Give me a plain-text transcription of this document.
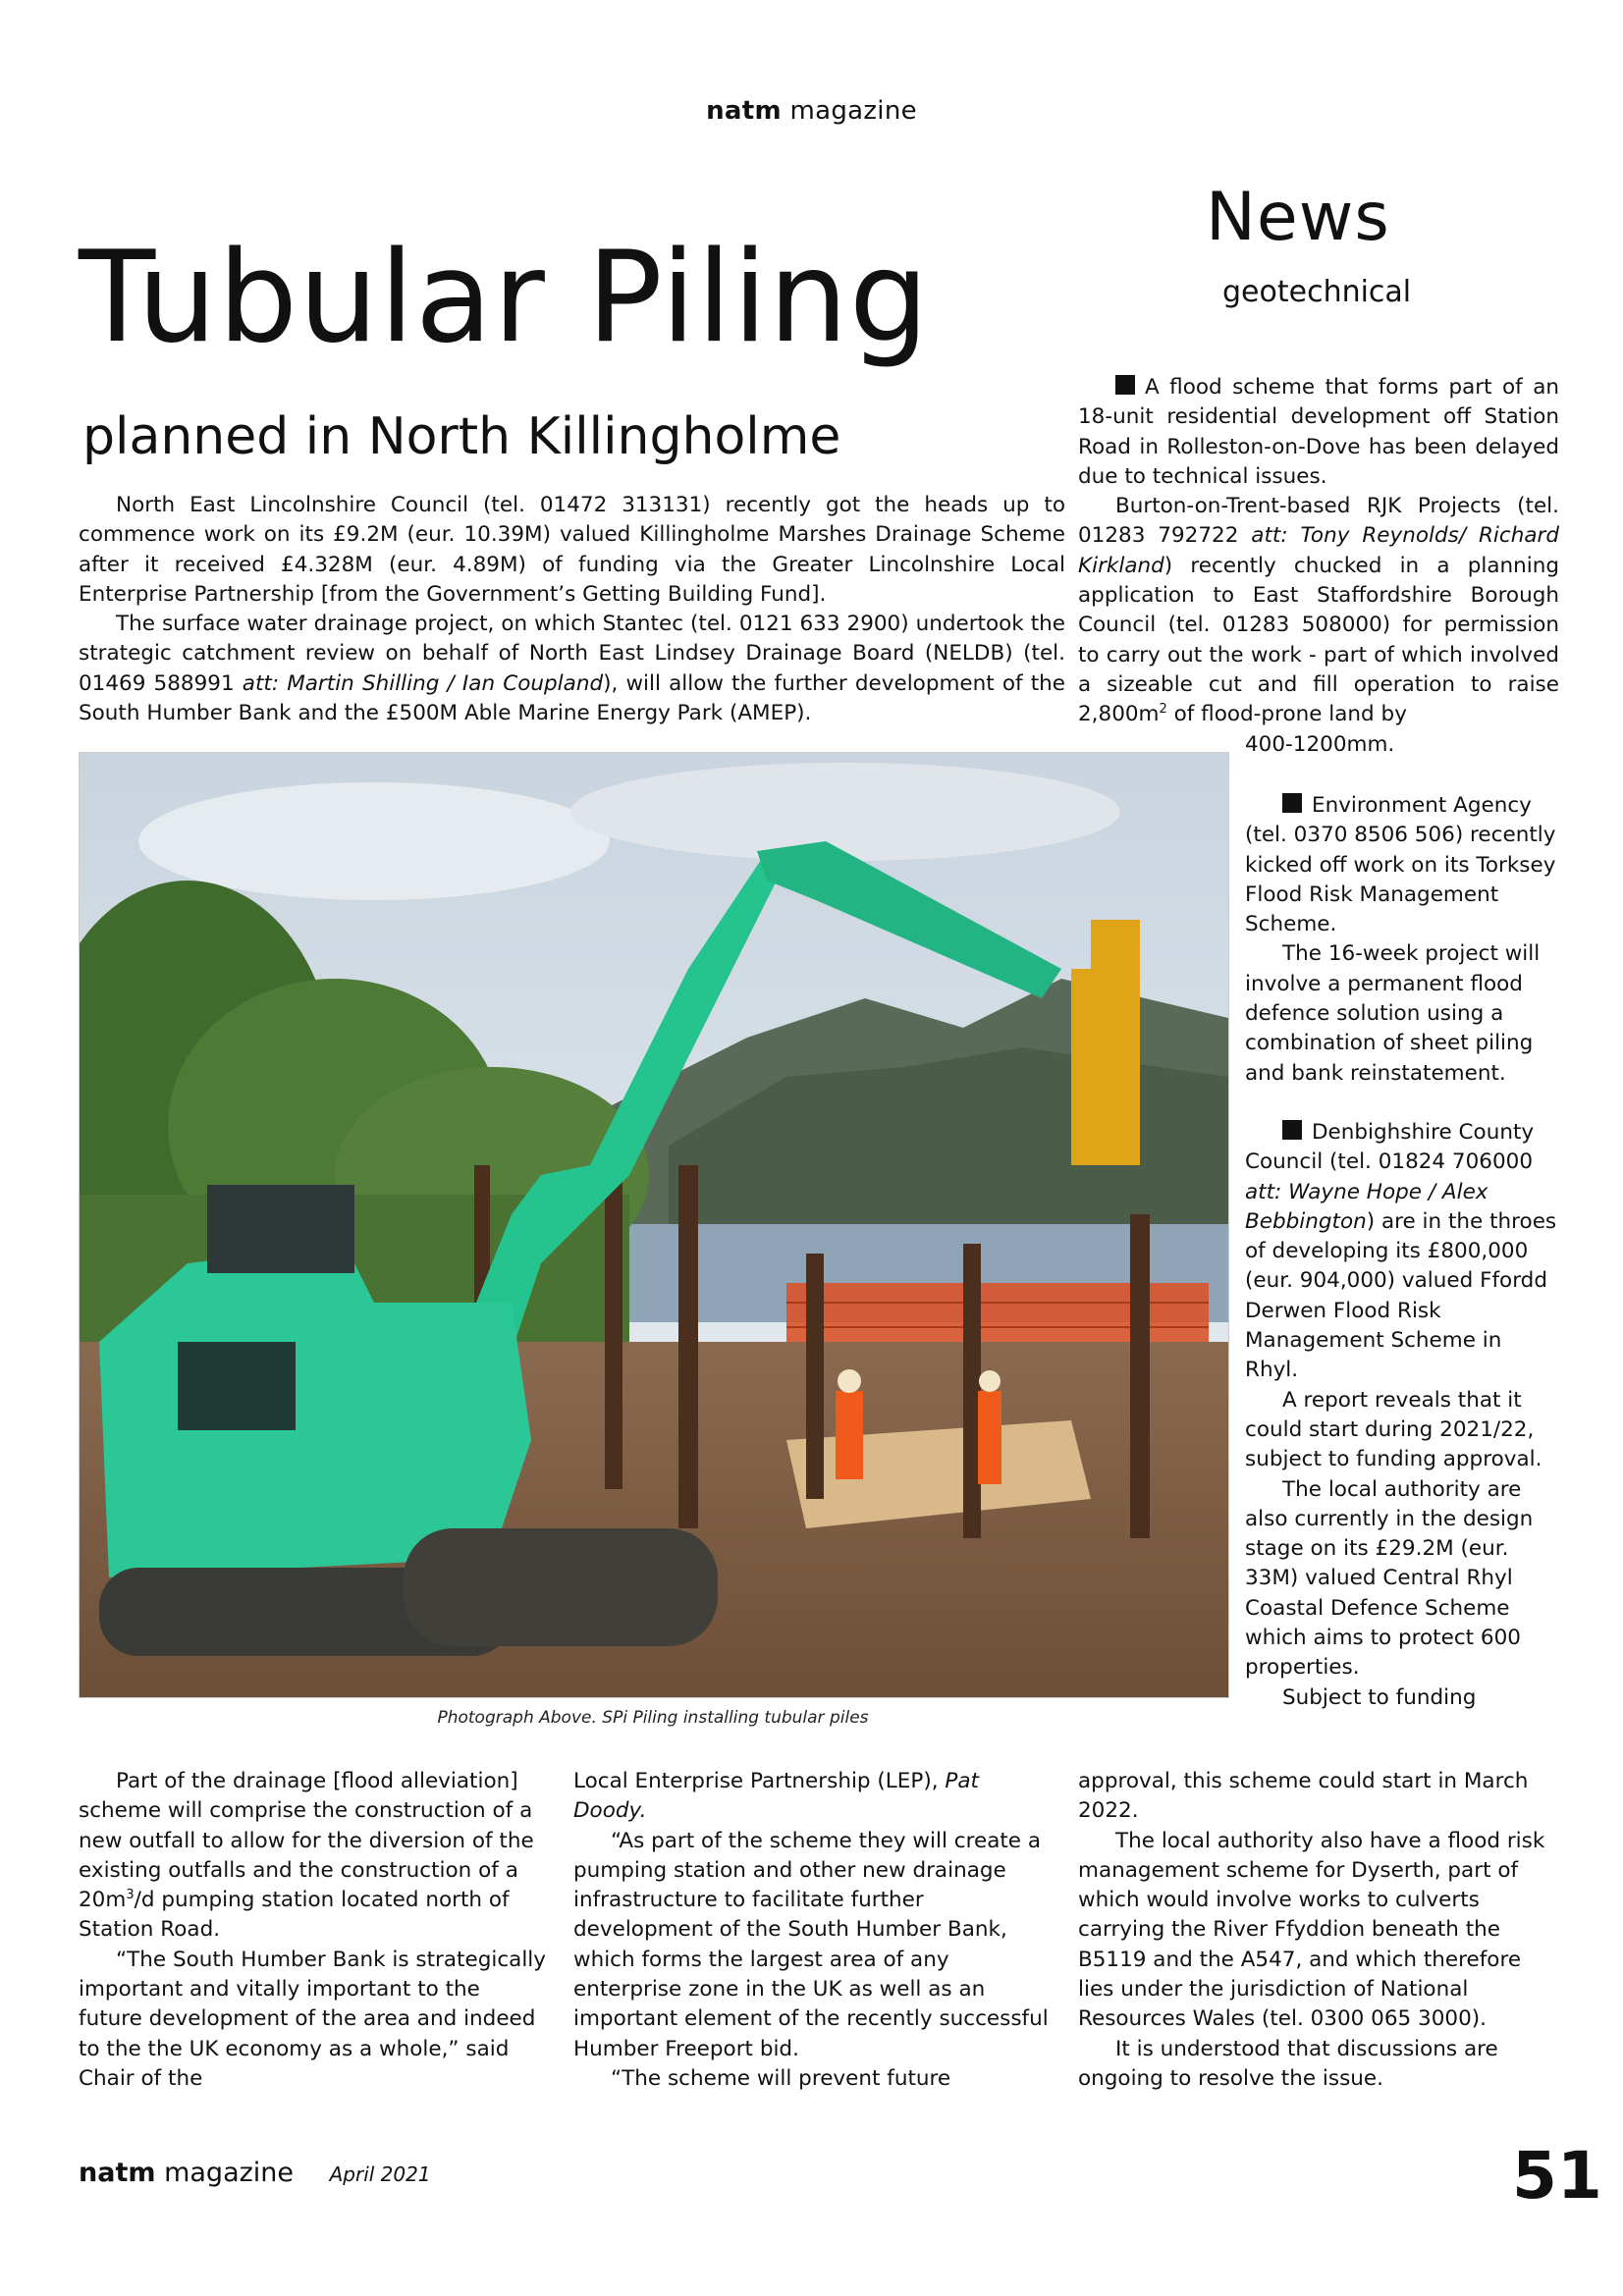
natm magazine
News
geotechnical
Tubular Piling
planned in North Killingholme

North East Lincolnshire Council (tel. 01472 313131) recently got the heads up to commence work on its £9.2M (eur. 10.39M) valued Killingholme Marshes Drainage Scheme after it received £4.328M (eur. 4.89M) of funding via the Greater Lincolnshire Local Enterprise Partnership [from the Government’s Getting Building Fund].

The surface water drainage project, on which Stantec (tel. 0121 633 2900) undertook the strategic catchment review on behalf of North East Lindsey Drainage Board (NELDB) (tel. 01469 588991 att: Martin Shilling / Ian Coupland), will allow the further development of the South Humber Bank and the £500M Able Marine Energy Park (AMEP).

Photograph Above. SPi Piling installing tubular piles

A flood scheme that forms part of an 18-unit residential development off Station Road in Rolleston-on-Dove has been delayed due to technical issues.

Burton-on-Trent-based RJK Projects (tel. 01283 792722 att: Tony Reynolds/ Richard Kirkland) recently chucked in a planning application to East Staffordshire Borough Council (tel. 01283 508000) for permission to carry out the work - part of which involved a sizeable cut and fill operation to raise $2,800m^2$ of flood-prone land by

400-1200mm.

Environment Agency (tel. 0370 8506 506) recently kicked off work on its Torksey Flood Risk Management Scheme.

The 16-week project will involve a permanent flood defence solution using a combination of sheet piling and bank reinstatement.

Denbighshire County Council (tel. 01824 706000 att: Wayne Hope / Alex Bebbington) are in the throes of developing its £800,000 (eur. 904,000) valued Ffordd Derwen Flood Risk Management Scheme in Rhyl.

A report reveals that it could start during 2021/22, subject to funding approval.

The local authority are also currently in the design stage on its £29.2M (eur. 33M) valued Central Rhyl Coastal Defence Scheme which aims to protect 600 properties.

Subject to funding

approval, this scheme could start in March 2022.

The local authority also have a flood risk management scheme for Dyserth, part of which would involve works to culverts carrying the River Ffyddion beneath the B5119 and the A547, and which therefore lies under the jurisdiction of National Resources Wales (tel. 0300 065 3000).

It is understood that discussions are ongoing to resolve the issue.

Part of the drainage [flood alleviation] scheme will comprise the construction of a new outfall to allow for the diversion of the existing outfalls and the construction of a $20m^3/d$ pumping station located north of Station Road.

“The South Humber Bank is strategically important and vitally important to the future development of the area and indeed to the the UK economy as a whole,” said Chair of the

Local Enterprise Partnership (LEP), Pat Doody.

“As part of the scheme they will create a pumping station and other new drainage infrastructure to facilitate further development of the South Humber Bank, which forms the largest area of any enterprise zone in the UK as well as an important element of the recently successful Humber Freeport bid.

“The scheme will prevent future

natm magazine April 2021	51
